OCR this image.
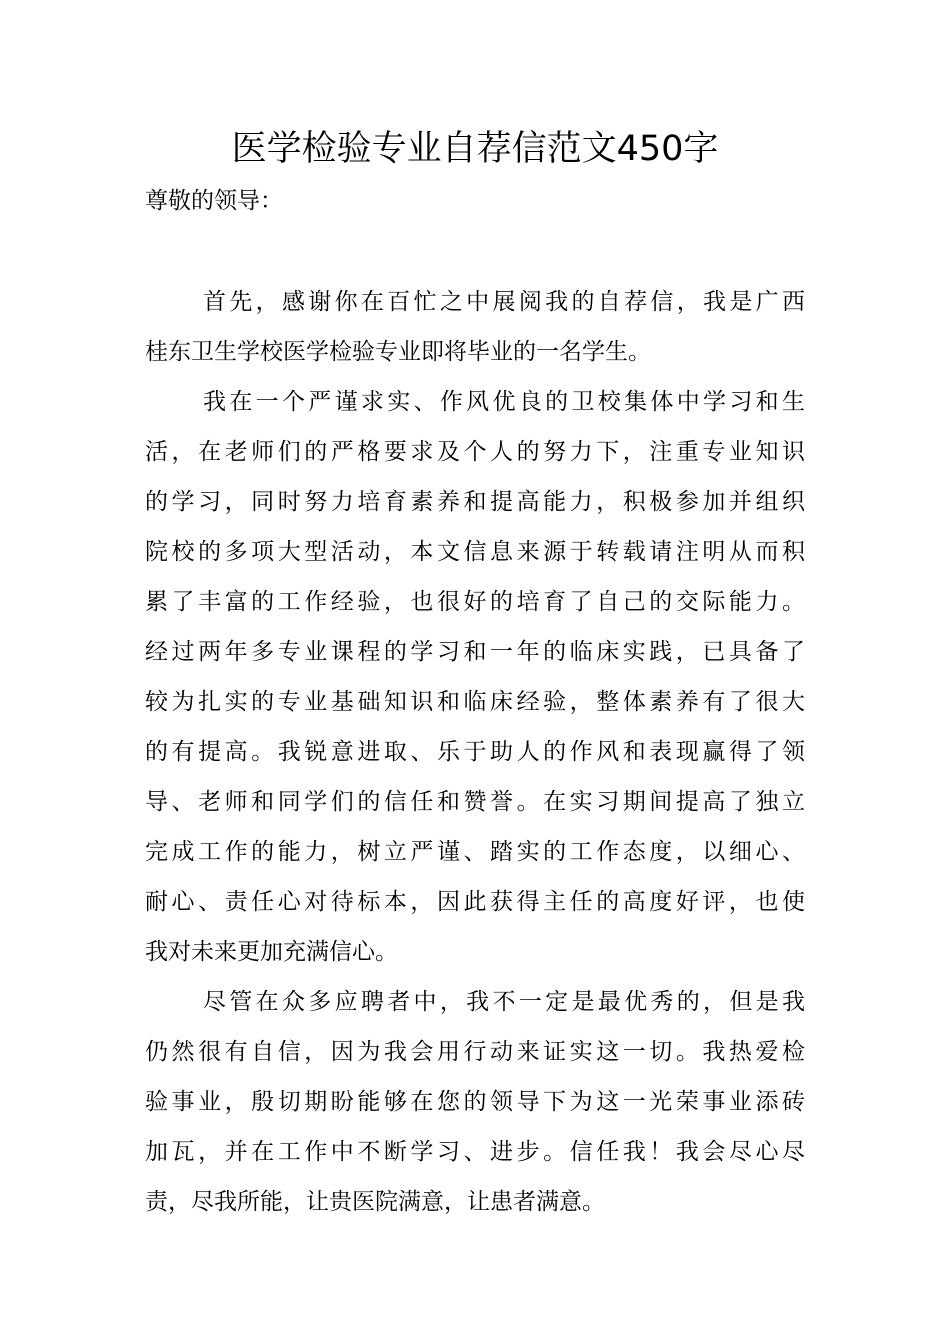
医学检验专业自荐信范文450字
尊敬的领导：
首先，感谢你在百忙之中展阅我的自荐信，我是广西
桂东卫生学校医学检验专业即将毕业的一名学生。
我在一个严谨求实、作风优良的卫校集体中学习和生
活，在老师们的严格要求及个人的努力下，注重专业知识
的学习，同时努力培育素养和提高能力，积极参加并组织
院校的多项大型活动，本文信息来源于转载请注明从而积
累了丰富的工作经验，也很好的培育了自己的交际能力。
经过两年多专业课程的学习和一年的临床实践，已具备了
较为扎实的专业基础知识和临床经验，整体素养有了很大
的有提高。我锐意进取、乐于助人的作风和表现赢得了领
导、老师和同学们的信任和赞誉。在实习期间提高了独立
完成工作的能力，树立严谨、踏实的工作态度，以细心、
耐心、责任心对待标本，因此获得主任的高度好评，也使
我对未来更加充满信心。
尽管在众多应聘者中，我不一定是最优秀的，但是我
仍然很有自信，因为我会用行动来证实这一切。我热爱检
验事业，殷切期盼能够在您的领导下为这一光荣事业添砖
加瓦，并在工作中不断学习、进步。信任我！我会尽心尽
责，尽我所能，让贵医院满意，让患者满意。
